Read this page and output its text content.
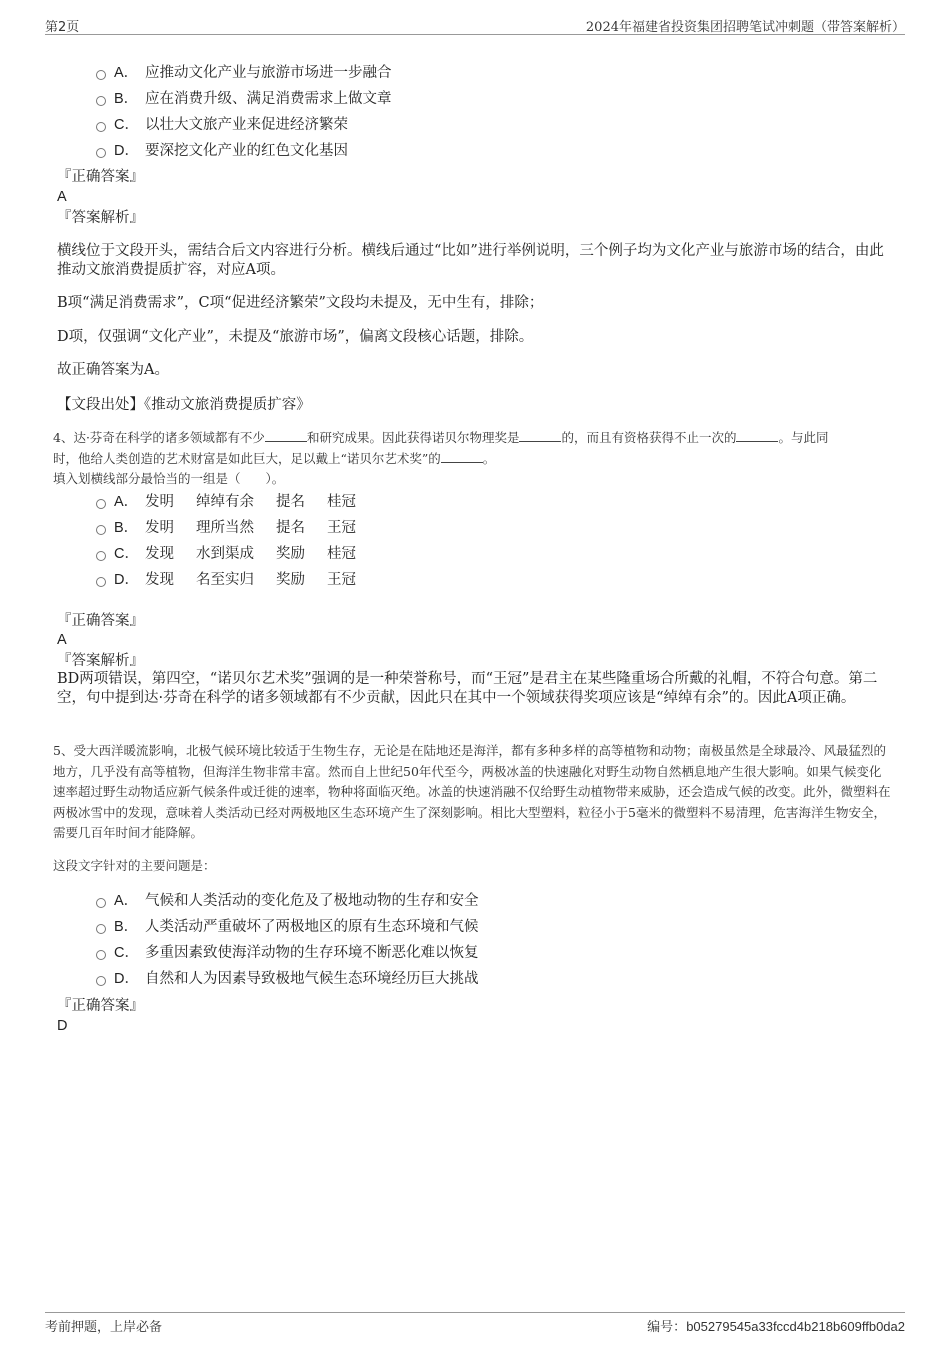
第2页	2024年福建省投资集团招聘笔试冲刺题（带答案解析）
A． 应推动文化产业与旅游市场进一步融合
B． 应在消费升级、满足消费需求上做文章
C． 以壮大文旅产业来促进经济繁荣
D． 要深挖文化产业的红色文化基因
『正确答案』
A
『答案解析』
横线位于文段开头，需结合后文内容进行分析。横线后通过“比如”进行举例说明，三个例子均为文化产业与旅游市场的结合，由此推动文旅消费提质扩容，对应A项。
B项“满足消费需求”，C项“促进经济繁荣”文段均未提及，无中生有，排除；
D项，仅强调“文化产业”，未提及“旅游市场”，偏离文段核心话题，排除。
故正确答案为A。
【文段出处】《推动文旅消费提质扩容》
4、达·芬奇在科学的诸多领域都有不少	和研究成果。因此获得诺贝尔物理奖是	的，而且有资格获得不止一次的	。与此同
时，他给人类创造的艺术财富是如此巨大，足以戴上“诺贝尔艺术奖”的	。
填入划横线部分最恰当的一组是（　　）。
A． 发明 绰绰有余 提名 桂冠
B． 发明 理所当然 提名 王冠
C． 发现 水到渠成 奖励 桂冠
D． 发现 名至实归 奖励 王冠
『正确答案』
A
『答案解析』
BD两项错误，第四空，“诺贝尔艺术奖”强调的是一种荣誉称号，而“王冠”是君主在某些隆重场合所戴的礼帽，不符合句意。第二空，句中提到达·芬奇在科学的诸多领域都有不少贡献，因此只在其中一个领域获得奖项应该是“绰绰有余”的。因此A项正确。
5、受大西洋暖流影响，北极气候环境比较适于生物生存，无论是在陆地还是海洋，都有多种多样的高等植物和动物；南极虽然是全球最冷、风最猛烈的地方，几乎没有高等植物，但海洋生物非常丰富。然而自上世纪50年代至今，两极冰盖的快速融化对野生动物自然栖息地产生很大影响。如果气候变化速率超过野生动物适应新气候条件或迁徙的速率，物种将面临灭绝。冰盖的快速消融不仅给野生动植物带来威胁，还会造成气候的改变。此外，微塑料在两极冰雪中的发现，意味着人类活动已经对两极地区生态环境产生了深刻影响。相比大型塑料，粒径小于5毫米的微塑料不易清理，危害海洋生物安全，需要几百年时间才能降解。
这段文字针对的主要问题是：
A． 气候和人类活动的变化危及了极地动物的生存和安全
B． 人类活动严重破坏了两极地区的原有生态环境和气候
C． 多重因素致使海洋动物的生存环境不断恶化难以恢复
D． 自然和人为因素导致极地气候生态环境经历巨大挑战
『正确答案』
D
考前押题，上岸必备	编号：b05279545a33fccd4b218b609ffb0da2
